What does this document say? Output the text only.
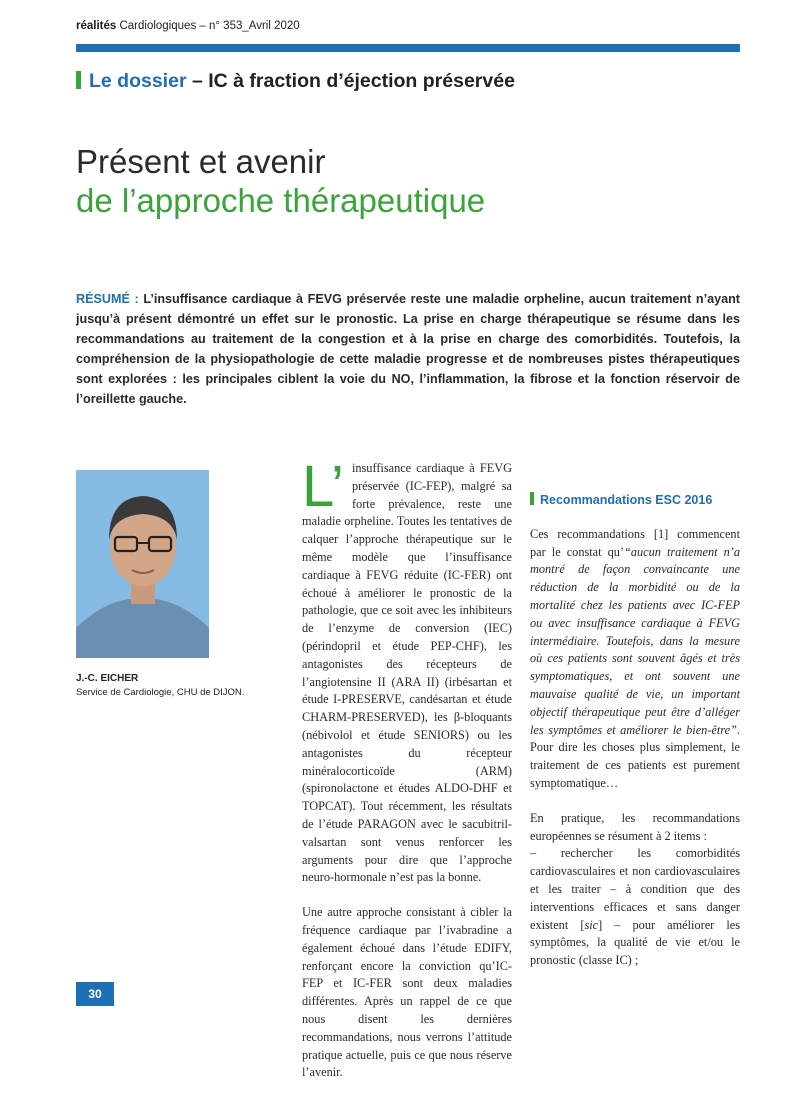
réalités Cardiologiques – n° 353_Avril 2020
Le dossier – IC à fraction d’éjection préservée
Présent et avenir
de l’approche thérapeutique
RÉSUMÉ : L’insuffisance cardiaque à FEVG préservée reste une maladie orpheline, aucun traitement n’ayant jusqu’à présent démontré un effet sur le pronostic. La prise en charge thérapeutique se résume dans les recommandations au traitement de la congestion et à la prise en charge des comorbidités. Toutefois, la compréhension de la physiopathologie de cette maladie progresse et de nombreuses pistes thérapeutiques sont explorées : les principales ciblent la voie du NO, l’inflammation, la fibrose et la fonction réservoir de l’oreillette gauche.
J.-C. EICHER
Service de Cardiologie, CHU de DIJON.

L’ insuffisance cardiaque à FEVG préservée (IC-FEP), malgré sa forte prévalence, reste une maladie orpheline. Toutes les tentatives de calquer l’approche thérapeutique sur le même modèle que l’insuffisance cardiaque à FEVG réduite (IC-FER) ont échoué à améliorer le pronostic de la pathologie, que ce soit avec les inhibiteurs de l’enzyme de conversion (IEC) (périndopril et étude PEP-CHF), les antagonistes des récepteurs de l’angiotensine II (ARA II) (irbésartan et étude I-PRESERVE, candésartan et étude CHARM-PRESERVED), les β-bloquants (nébivolol et étude SENIORS) ou les antagonistes du récepteur minéralocorticoïde (ARM) (spironolactone et études ALDO-DHF et TOPCAT). Tout récemment, les résultats de l’étude PARAGON avec le sacubitril-valsartan sont venus renforcer les arguments pour dire que l’approche neuro-hormonale n’est pas la bonne.

Une autre approche consistant à cibler la fréquence cardiaque par l’ivabradine a également échoué dans l’étude EDIFY, renforçant encore la conviction qu’IC-FEP et IC-FER sont deux maladies différentes. Après un rappel de ce que nous disent les dernières recommandations, nous verrons l’attitude pratique actuelle, puis ce que nous réserve l’avenir.

Recommandations ESC 2016

Ces recommandations [1] commencent par le constat qu’“aucun traitement n’a montré de façon convaincante une réduction de la morbidité ou de la mortalité chez les patients avec IC-FEP ou avec insuffisance cardiaque à FEVG intermédiaire. Toutefois, dans la mesure où ces patients sont souvent âgés et très symptomatiques, et ont souvent une mauvaise qualité de vie, un important objectif thérapeutique peut être d’alléger les symptômes et améliorer le bien-être”. Pour dire les choses plus simplement, le traitement de ces patients est purement symptomatique…

En pratique, les recommandations européennes se résument à 2 items :
– rechercher les comorbidités cardiovasculaires et non cardiovasculaires et les traiter – à condition que des interventions efficaces et sans danger existent [sic] – pour améliorer les symptômes, la qualité de vie et/ou le pronostic (classe IC) ;

30
